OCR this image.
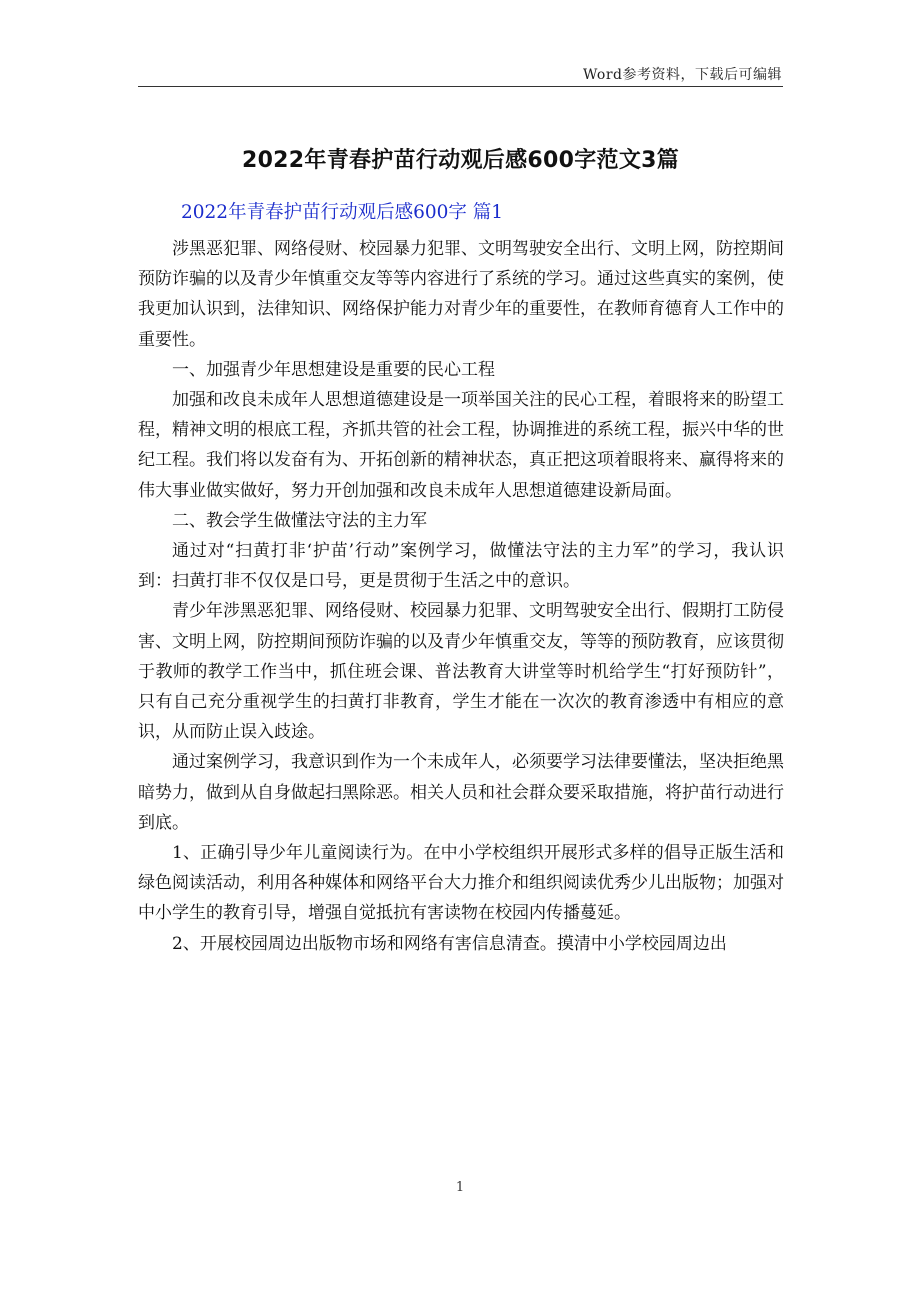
Word参考资料，下载后可编辑
2022年青春护苗行动观后感600字范文3篇
2022年青春护苗行动观后感600字 篇1

涉黑恶犯罪、网络侵财、校园暴力犯罪、文明驾驶安全出行、文明上网，防控期间预防诈骗的以及青少年慎重交友等等内容进行了系统的学习。通过这些真实的案例，使我更加认识到，法律知识、网络保护能力对青少年的重要性，在教师育德育人工作中的重要性。

一、加强青少年思想建设是重要的民心工程

加强和改良未成年人思想道德建设是一项举国关注的民心工程，着眼将来的盼望工程，精神文明的根底工程，齐抓共管的社会工程，协调推进的系统工程，振兴中华的世纪工程。我们将以发奋有为、开拓创新的精神状态，真正把这项着眼将来、赢得将来的伟大事业做实做好，努力开创加强和改良未成年人思想道德建设新局面。

二、教会学生做懂法守法的主力军

通过对“扫黄打非‘护苗’行动”案例学习，做懂法守法的主力军”的学习，我认识到：扫黄打非不仅仅是口号，更是贯彻于生活之中的意识。

青少年涉黑恶犯罪、网络侵财、校园暴力犯罪、文明驾驶安全出行、假期打工防侵害、文明上网，防控期间预防诈骗的以及青少年慎重交友，等等的预防教育，应该贯彻于教师的教学工作当中，抓住班会课、普法教育大讲堂等时机给学生“打好预防针”，只有自己充分重视学生的扫黄打非教育，学生才能在一次次的教育渗透中有相应的意识，从而防止误入歧途。

通过案例学习，我意识到作为一个未成年人，必须要学习法律要懂法，坚决拒绝黑暗势力，做到从自身做起扫黑除恶。相关人员和社会群众要采取措施，将护苗行动进行到底。

1、正确引导少年儿童阅读行为。在中小学校组织开展形式多样的倡导正版生活和绿色阅读活动，利用各种媒体和网络平台大力推介和组织阅读优秀少儿出版物；加强对中小学生的教育引导，增强自觉抵抗有害读物在校园内传播蔓延。

2、开展校园周边出版物市场和网络有害信息清查。摸清中小学校园周边出

1
